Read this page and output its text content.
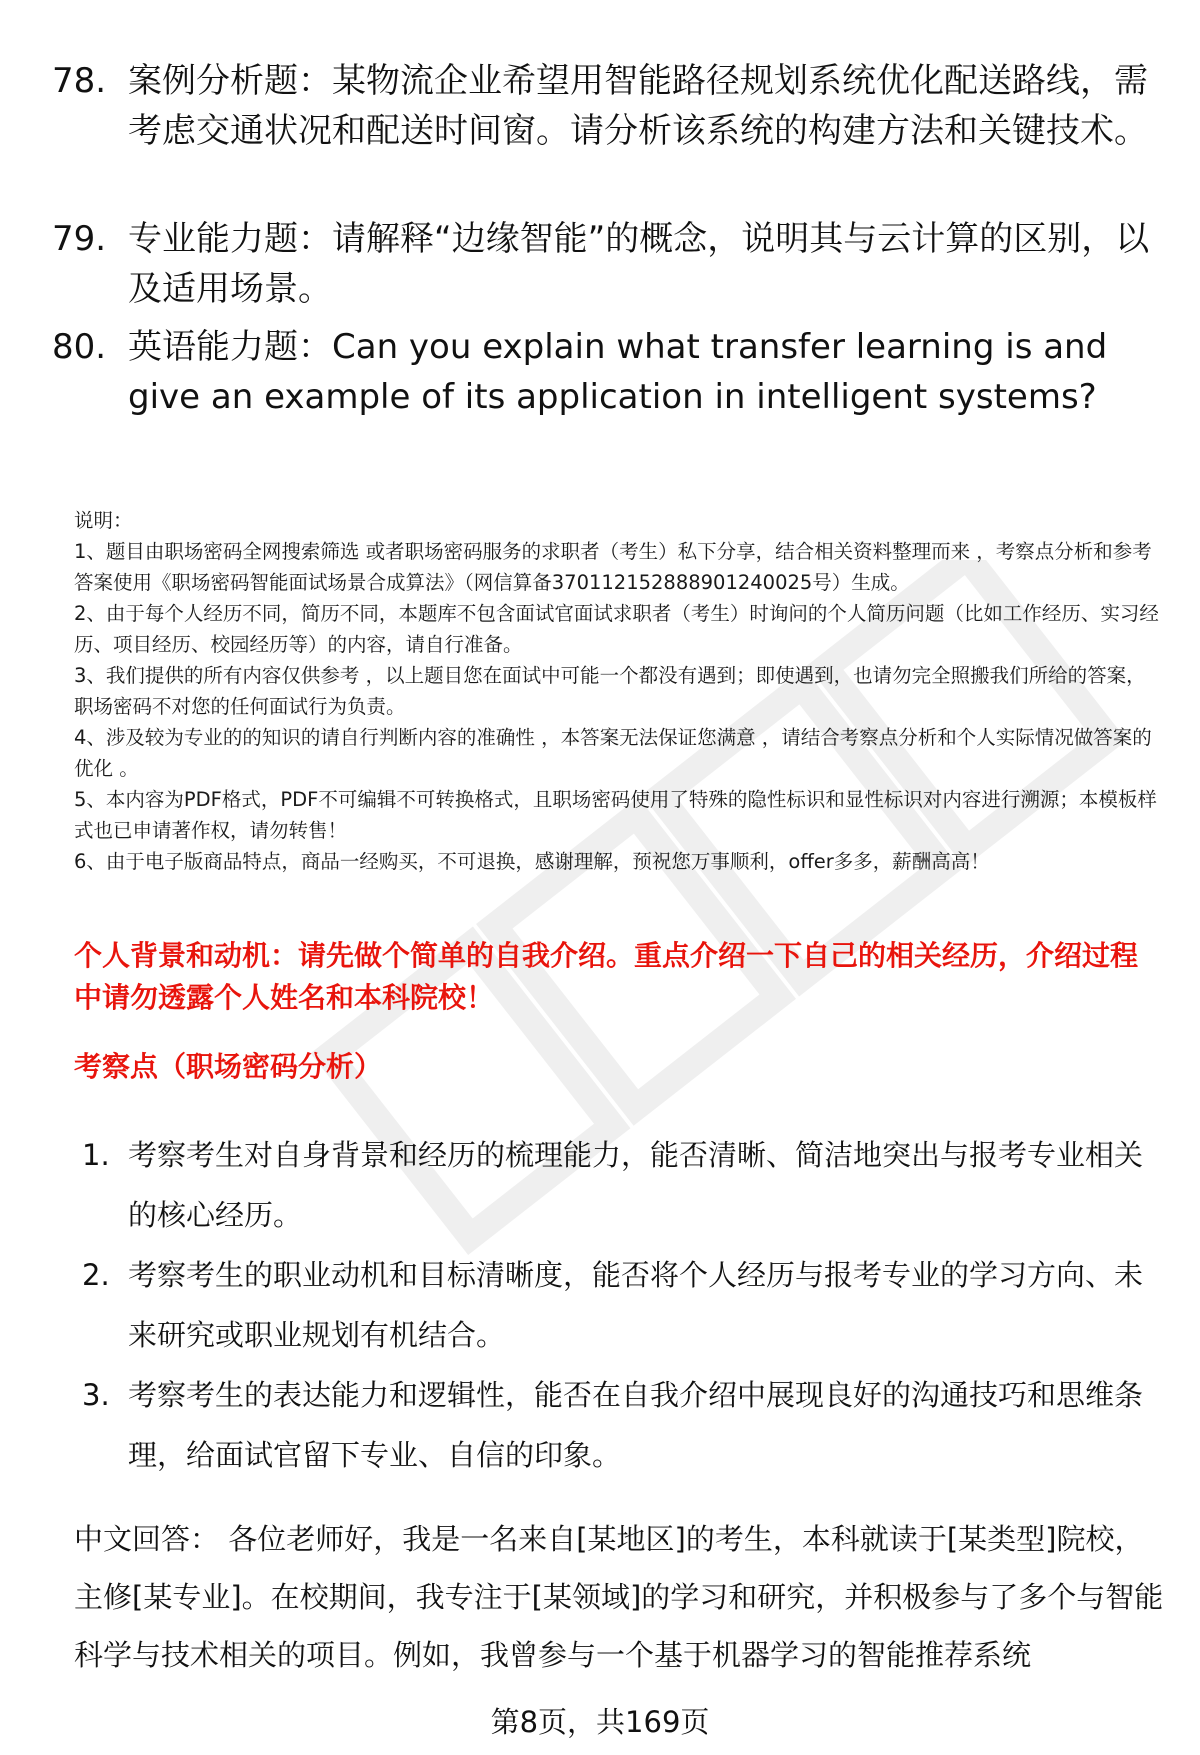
78. 案例分析题：某物流企业希望用智能路径规划系统优化配送路线，需考虑交通状况和配送时间窗。请分析该系统的构建方法和关键技术。
79. 专业能力题：请解释“边缘智能”的概念，说明其与云计算的区别，以及适用场景。
80. 英语能力题：Can you explain what transfer learning is and give an example of its application in intelligent systems?

说明：

1、题目由职场密码全网搜索筛选 或者职场密码服务的求职者（考生）私下分享，结合相关资料整理而来 ，考察点分析和参考答案使用《职场密码智能面试场景合成算法》（网信算备370112152888901240025号）生成。

2、由于每个人经历不同，简历不同，本题库不包含面试官面试求职者（考生）时询问的个人简历问题（比如工作经历、实习经历、项目经历、校园经历等）的内容，请自行准备。

3、我们提供的所有内容仅供参考 ，以上题目您在面试中可能一个都没有遇到；即使遇到，也请勿完全照搬我们所给的答案，职场密码不对您的任何面试行为负责。

4、涉及较为专业的的知识的请自行判断内容的准确性 ，本答案无法保证您满意 ，请结合考察点分析和个人实际情况做答案的优化 。

5、本内容为PDF格式，PDF不可编辑不可转换格式，且职场密码使用了特殊的隐性标识和显性标识对内容进行溯源；本模板样式也已申请著作权，请勿转售！

6、由于电子版商品特点，商品一经购买，不可退换，感谢理解，预祝您万事顺利，offer多多，薪酬高高！

个人背景和动机：请先做个简单的自我介绍。重点介绍一下自己的相关经历，介绍过程中请勿透露个人姓名和本科院校！
考察点（职场密码分析）
1. 考察考生对自身背景和经历的梳理能力，能否清晰、简洁地突出与报考专业相关的核心经历。
2. 考察考生的职业动机和目标清晰度，能否将个人经历与报考专业的学习方向、未来研究或职业规划有机结合。
3. 考察考生的表达能力和逻辑性，能否在自我介绍中展现良好的沟通技巧和思维条理，给面试官留下专业、自信的印象。
中文回答： 各位老师好，我是一名来自[某地区]的考生，本科就读于[某类型]院校，主修[某专业]。在校期间，我专注于[某领域]的学习和研究，并积极参与了多个与智能科学与技术相关的项目。例如，我曾参与一个基于机器学习的智能推荐系统
第8页，共169页
